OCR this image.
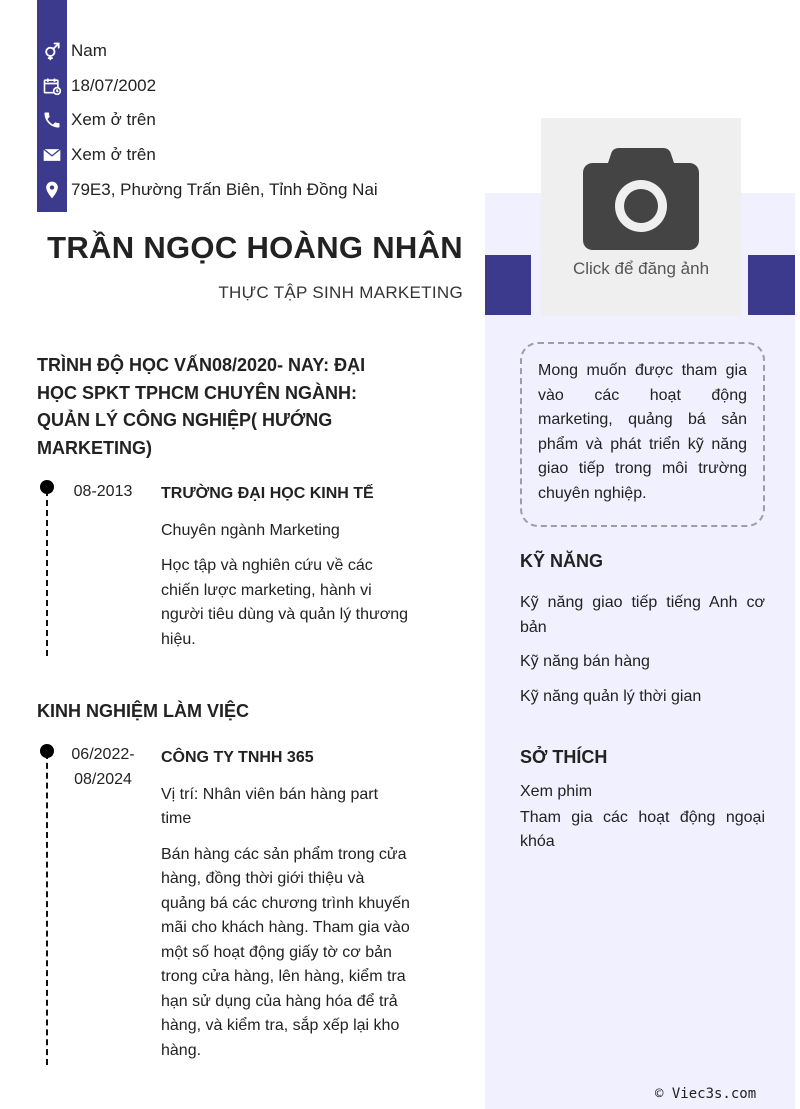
Nam
18/07/2002
Xem ở trên
Xem ở trên
79E3, Phường Trấn Biên, Tỉnh Đồng Nai
TRẦN NGỌC HOÀNG NHÂN
THỰC TẬP SINH MARKETING
Click để đăng ảnh

Mong muốn được tham gia vào các hoạt động marketing, quảng bá sản phẩm và phát triển kỹ năng giao tiếp trong môi trường chuyên nghiệp.

KỸ NĂNG
Kỹ năng giao tiếp tiếng Anh cơ bản
Kỹ năng bán hàng
Kỹ năng quản lý thời gian
SỞ THÍCH
Xem phim
Tham gia các hoạt động ngoại khóa
TRÌNH ĐỘ HỌC VẤN08/2020- NAY: ĐẠI HỌC SPKT TPHCM CHUYÊN NGÀNH: QUẢN LÝ CÔNG NGHIỆP( HƯỚNG MARKETING)
08-2013	TRƯỜNG ĐẠI HỌC KINH TẾ
Chuyên ngành Marketing
Học tập và nghiên cứu về các chiến lược marketing, hành vi người tiêu dùng và quản lý thương hiệu.
KINH NGHIỆM LÀM VIỆC
06/2022-
08/2024
CÔNG TY TNHH 365
Vị trí: Nhân viên bán hàng part time
Bán hàng các sản phẩm trong cửa hàng, đồng thời giới thiệu và quảng bá các chương trình khuyến mãi cho khách hàng. Tham gia vào một số hoạt động giấy tờ cơ bản trong cửa hàng, lên hàng, kiểm tra hạn sử dụng của hàng hóa để trả hàng, và kiểm tra, sắp xếp lại kho hàng.
© Viec3s.com
